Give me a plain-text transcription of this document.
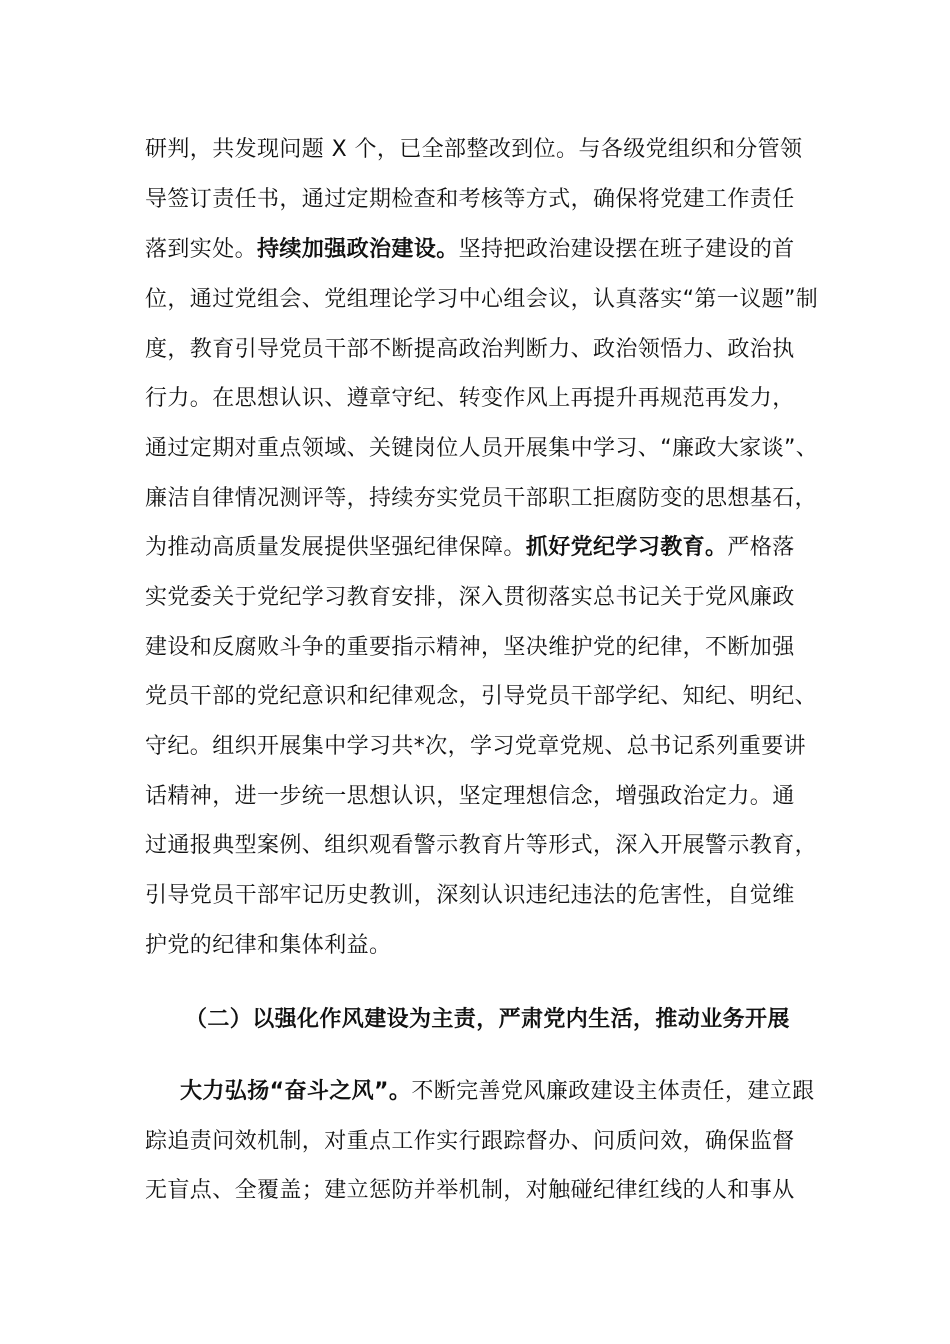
研判，共发现问题 X 个，已全部整改到位。与各级党组织和分管领
导签订责任书，通过定期检查和考核等方式，确保将党建工作责任
落到实处。持续加强政治建设。坚持把政治建设摆在班子建设的首
位，通过党组会、党组理论学习中心组会议，认真落实“第一议题”制
度，教育引导党员干部不断提高政治判断力、政治领悟力、政治执
行力。在思想认识、遵章守纪、转变作风上再提升再规范再发力，
通过定期对重点领域、关键岗位人员开展集中学习、“廉政大家谈”、
廉洁自律情况测评等，持续夯实党员干部职工拒腐防变的思想基石，
为推动高质量发展提供坚强纪律保障。抓好党纪学习教育。严格落
实党委关于党纪学习教育安排，深入贯彻落实总书记关于党风廉政
建设和反腐败斗争的重要指示精神，坚决维护党的纪律，不断加强
党员干部的党纪意识和纪律观念，引导党员干部学纪、知纪、明纪、
守纪。组织开展集中学习共*次，学习党章党规、总书记系列重要讲
话精神，进一步统一思想认识，坚定理想信念，增强政治定力。通
过通报典型案例、组织观看警示教育片等形式，深入开展警示教育，
引导党员干部牢记历史教训，深刻认识违纪违法的危害性，自觉维
护党的纪律和集体利益。
（二）以强化作风建设为主责，严肃党内生活，推动业务开展
大力弘扬“奋斗之风”。不断完善党风廉政建设主体责任，建立跟
踪追责问效机制，对重点工作实行跟踪督办、问质问效，确保监督
无盲点、全覆盖；建立惩防并举机制，对触碰纪律红线的人和事从
